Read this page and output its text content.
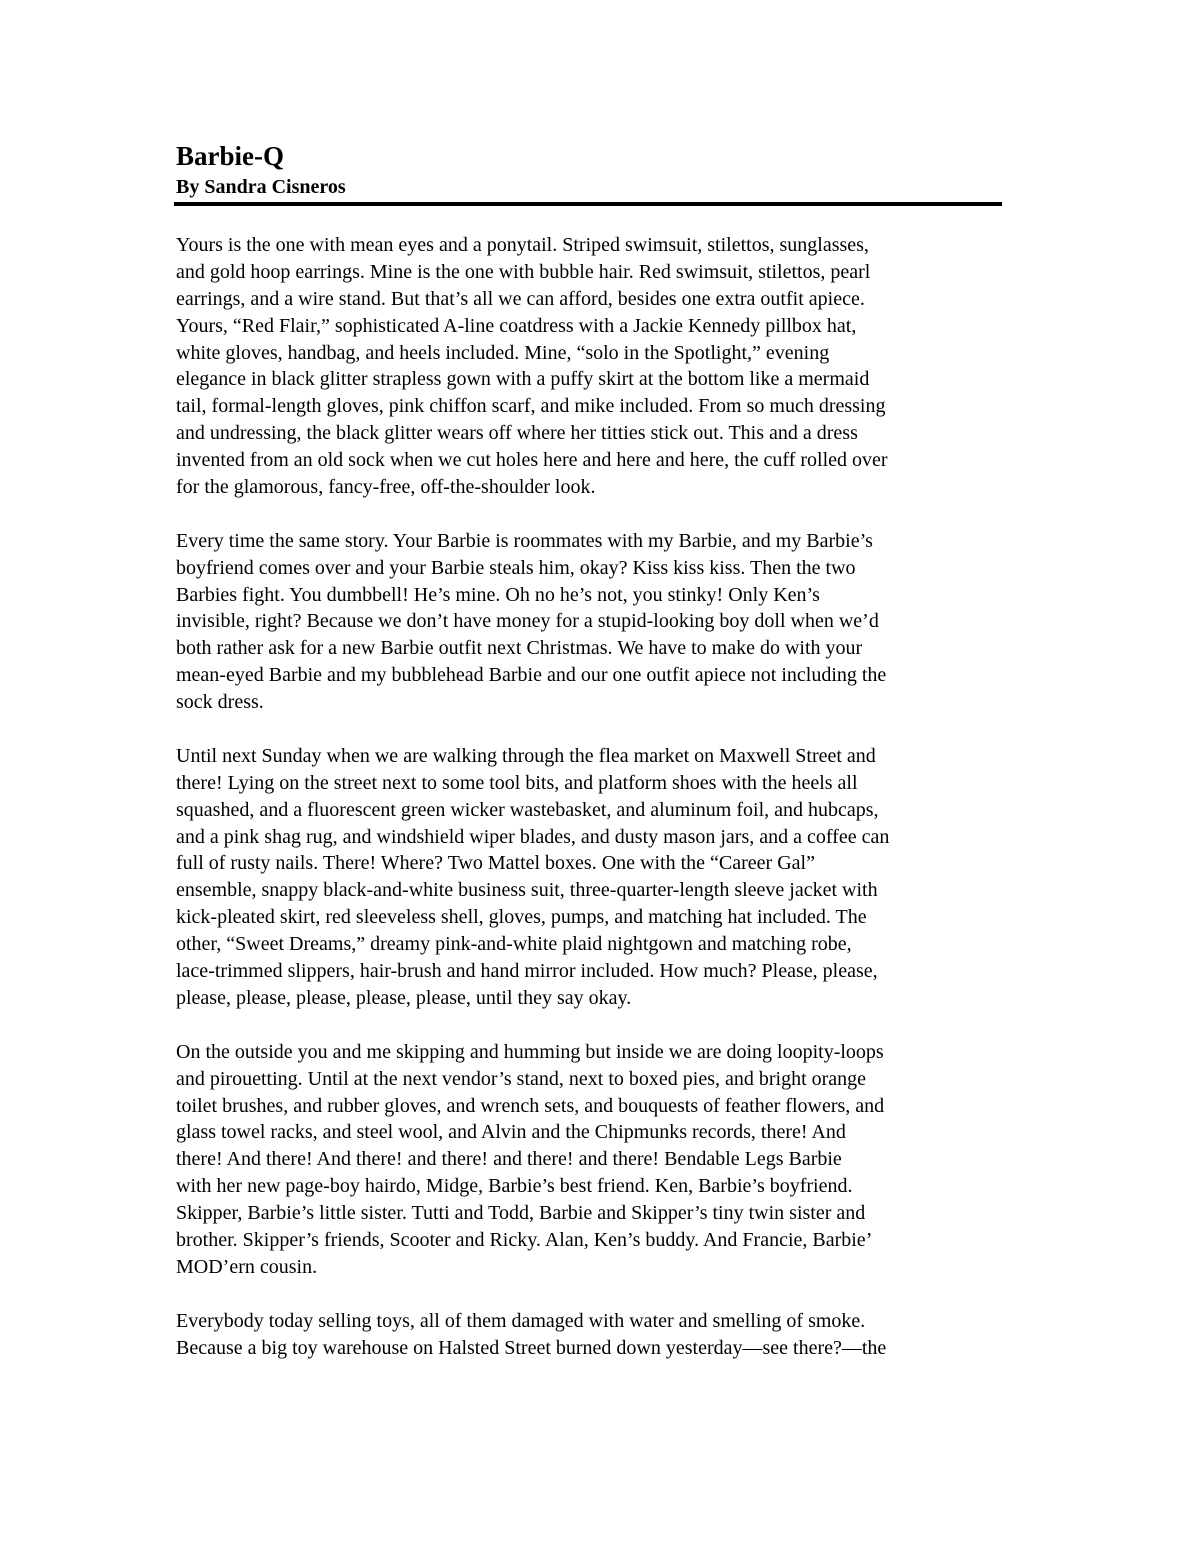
Barbie-Q
By Sandra Cisneros
Yours is the one with mean eyes and a ponytail. Striped swimsuit, stilettos, sunglasses,
and gold hoop earrings. Mine is the one with bubble hair. Red swimsuit, stilettos, pearl
earrings, and a wire stand. But that’s all we can afford, besides one extra outfit apiece.
Yours, “Red Flair,” sophisticated A-line coatdress with a Jackie Kennedy pillbox hat,
white gloves, handbag, and heels included. Mine, “solo in the Spotlight,” evening
elegance in black glitter strapless gown with a puffy skirt at the bottom like a mermaid
tail, formal-length gloves, pink chiffon scarf, and mike included. From so much dressing
and undressing, the black glitter wears off where her titties stick out. This and a dress
invented from an old sock when we cut holes here and here and here, the cuff rolled over
for the glamorous, fancy-free, off-the-shoulder look.
Every time the same story. Your Barbie is roommates with my Barbie, and my Barbie’s
boyfriend comes over and your Barbie steals him, okay? Kiss kiss kiss. Then the two
Barbies fight. You dumbbell! He’s mine. Oh no he’s not, you stinky! Only Ken’s
invisible, right? Because we don’t have money for a stupid-looking boy doll when we’d
both rather ask for a new Barbie outfit next Christmas. We have to make do with your
mean-eyed Barbie and my bubblehead Barbie and our one outfit apiece not including the
sock dress.
Until next Sunday when we are walking through the flea market on Maxwell Street and
there! Lying on the street next to some tool bits, and platform shoes with the heels all
squashed, and a fluorescent green wicker wastebasket, and aluminum foil, and hubcaps,
and a pink shag rug, and windshield wiper blades, and dusty mason jars, and a coffee can
full of rusty nails. There! Where? Two Mattel boxes. One with the “Career Gal”
ensemble, snappy black-and-white business suit, three-quarter-length sleeve jacket with
kick-pleated skirt, red sleeveless shell, gloves, pumps, and matching hat included. The
other, “Sweet Dreams,” dreamy pink-and-white plaid nightgown and matching robe,
lace-trimmed slippers, hair-brush and hand mirror included. How much? Please, please,
please, please, please, please, please, until they say okay.
On the outside you and me skipping and humming but inside we are doing loopity-loops
and pirouetting. Until at the next vendor’s stand, next to boxed pies, and bright orange
toilet brushes, and rubber gloves, and wrench sets, and bouquests of feather flowers, and
glass towel racks, and steel wool, and Alvin and the Chipmunks records, there! And
there! And there! And there! and there! and there! and there! Bendable Legs Barbie
with her new page-boy hairdo, Midge, Barbie’s best friend. Ken, Barbie’s boyfriend.
Skipper, Barbie’s little sister. Tutti and Todd, Barbie and Skipper’s tiny twin sister and
brother. Skipper’s friends, Scooter and Ricky. Alan, Ken’s buddy. And Francie, Barbie’
MOD’ern cousin.
Everybody today selling toys, all of them damaged with water and smelling of smoke.
Because a big toy warehouse on Halsted Street burned down yesterday—see there?—the
